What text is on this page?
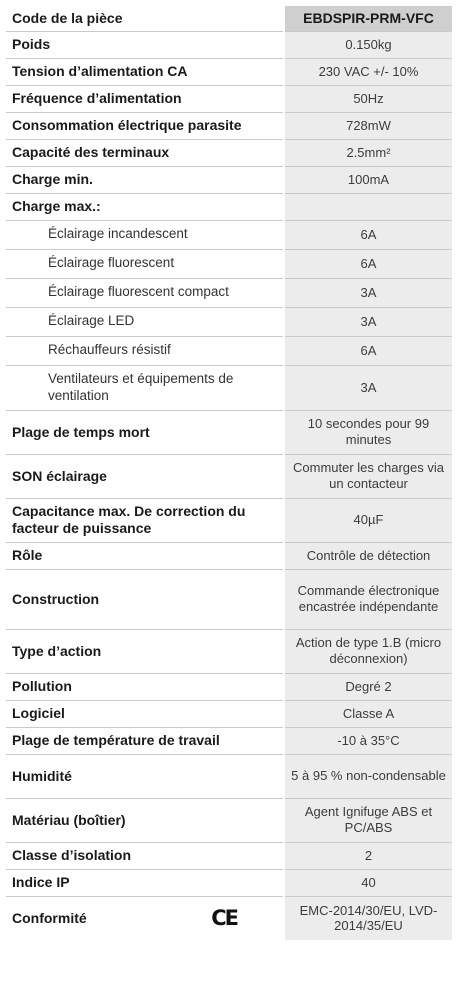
Code de la pièce	EBDSPIR-PRM-VFC
Poids	0.150kg
Tension d’alimentation CA	230 VAC +/- 10%
Fréquence d’alimentation	50Hz
Consommation électrique parasite	728mW
Capacité des terminaux	2.5mm²
Charge min.	100mA
Charge max.:	
Éclairage incandescent	6A
Éclairage fluorescent	6A
Éclairage fluorescent compact	3A
Éclairage LED	3A
Réchauffeurs résistif	6A
Ventilateurs et équipements de ventilation	3A
Plage de temps mort	10 secondes pour 99 minutes
SON éclairage	Commuter les charges via un contacteur
Capacitance max. De correction du facteur de puissance	40µF
Rôle	Contrôle de détection
Construction	Commande électronique encastrée indépendante
Type d’action	Action de type 1.B (micro déconnexion)
Pollution	Degré 2
Logiciel	Classe A
Plage de température de travail	-10 à 35°C
Humidité	5 à 95 % non-condensable
Matériau (boîtier)	Agent Ignifuge ABS et PC/ABS
Classe d’isolation	2
Indice IP	40

Conformité CE	EMC-2014/30/EU, LVD-2014/35/EU
